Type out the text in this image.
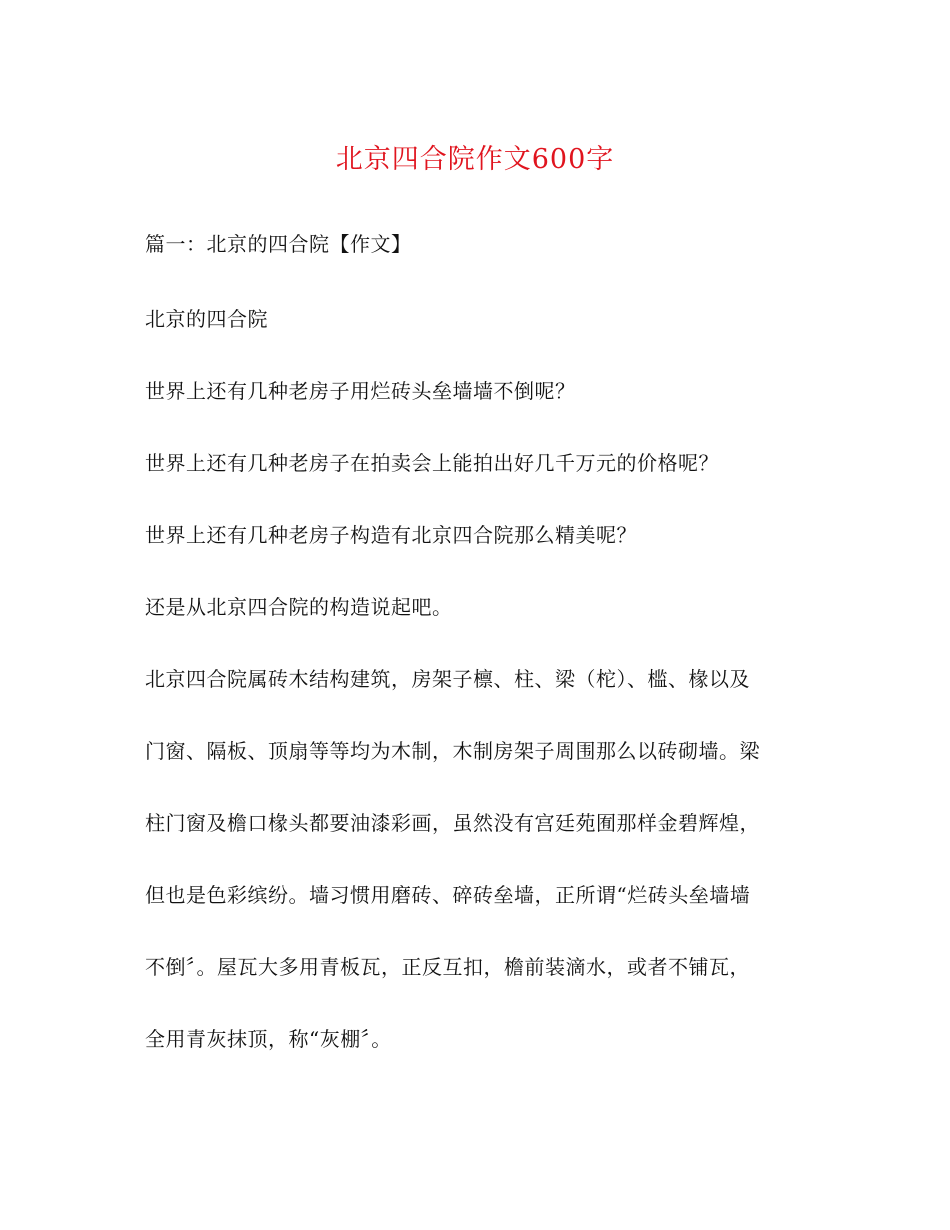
北京四合院作文600字
篇一：北京的四合院【作文】
北京的四合院
世界上还有几种老房子用烂砖头垒墙墙不倒呢？
世界上还有几种老房子在拍卖会上能拍出好几千万元的价格呢？
世界上还有几种老房子构造有北京四合院那么精美呢？
还是从北京四合院的构造说起吧。
北京四合院属砖木结构建筑，房架子檩、柱、梁（柁）、槛、椽以及
门窗、隔板、顶扇等等均为木制，木制房架子周围那么以砖砌墙。梁
柱门窗及檐口椽头都要油漆彩画，虽然没有宫廷苑囿那样金碧辉煌，
但也是色彩缤纷。墙习惯用磨砖、碎砖垒墙，正所谓“烂砖头垒墙墙
不倒〞。屋瓦大多用青板瓦，正反互扣，檐前装滴水，或者不铺瓦，
全用青灰抹顶，称“灰棚〞。
